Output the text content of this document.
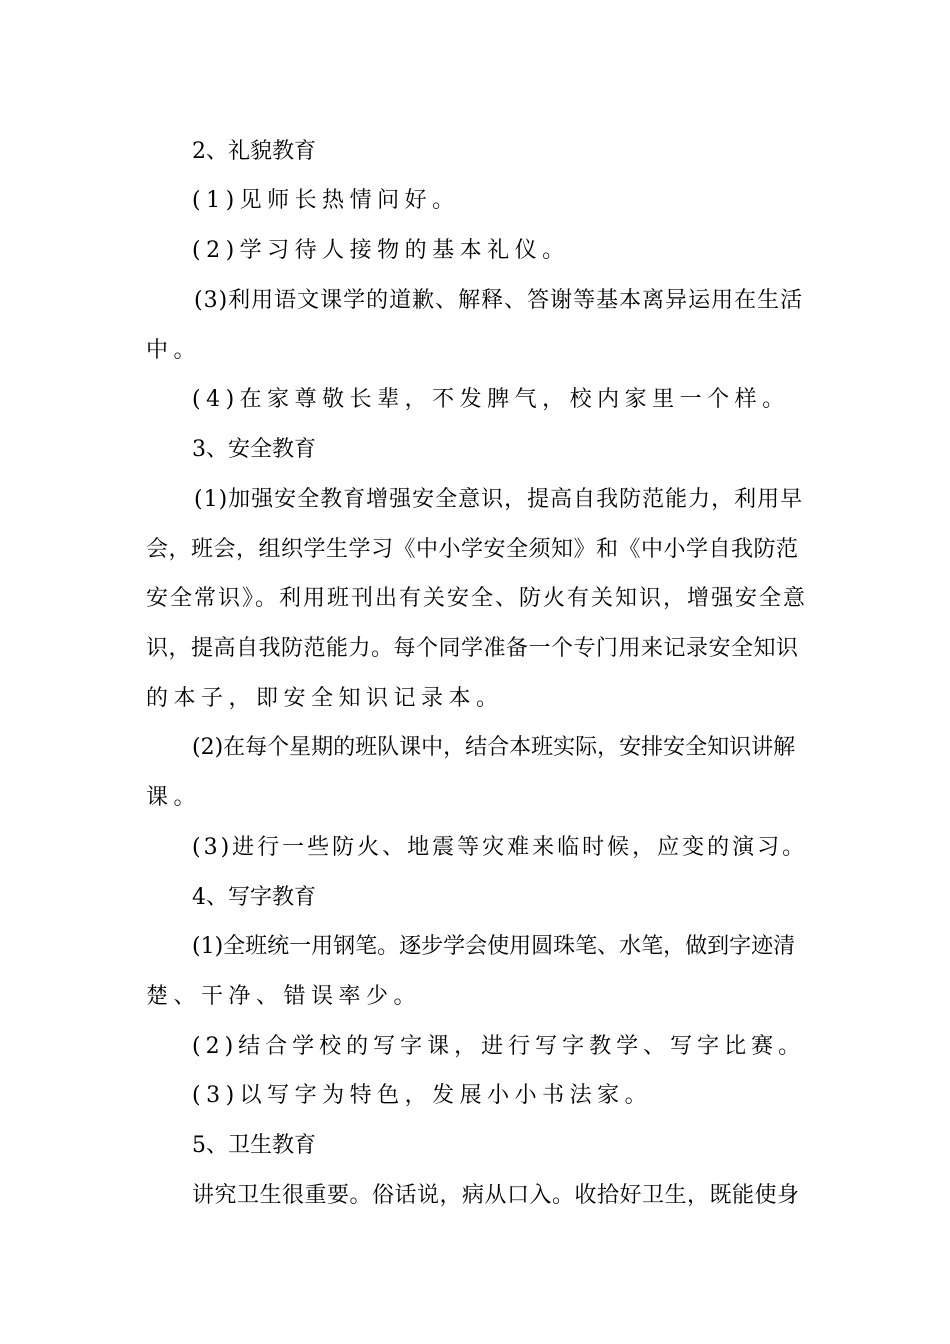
2、礼貌教育
(1)见师长热情问好。
(2)学习待人接物的基本礼仪。
(3)利用语文课学的道歉、解释、答谢等基本离异运用在生活
中。
(4)在家尊敬长辈，不发脾气，校内家里一个样。
3、安全教育
(1)加强安全教育增强安全意识，提高自我防范能力，利用早
会，班会，组织学生学习《中小学安全须知》和《中小学自我防范
安全常识》。利用班刊出有关安全、防火有关知识，增强安全意
识，提高自我防范能力。每个同学准备一个专门用来记录安全知识
的本子，即安全知识记录本。
(2)在每个星期的班队课中，结合本班实际，安排安全知识讲解
课。
(3)进行一些防火、地震等灾难来临时候，应变的演习。
4、写字教育
(1)全班统一用钢笔。逐步学会使用圆珠笔、水笔，做到字迹清
楚、干净、错误率少。
(2)结合学校的写字课，进行写字教学、写字比赛。
(3)以写字为特色，发展小小书法家。
5、卫生教育
讲究卫生很重要。俗话说，病从口入。收拾好卫生，既能使身
